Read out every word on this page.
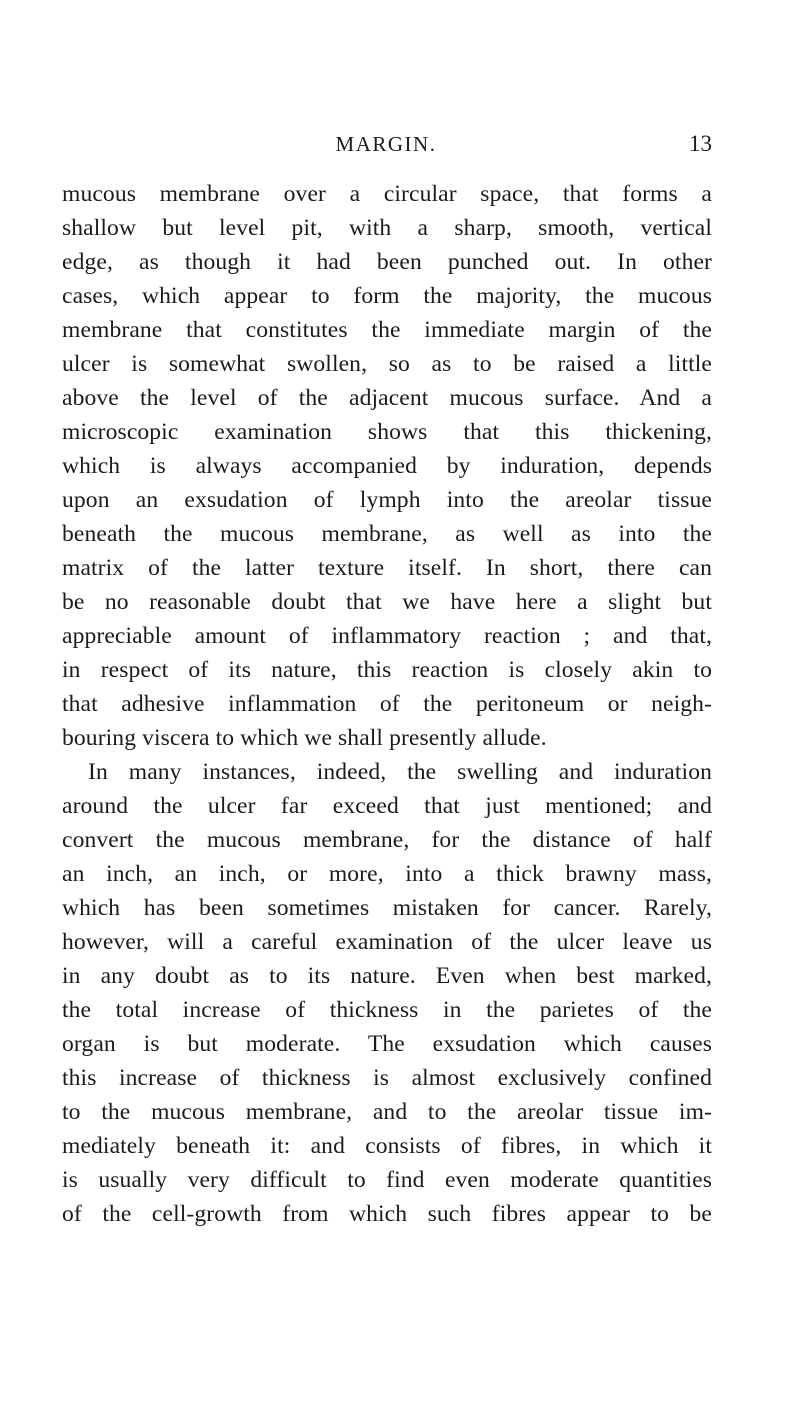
MARGIN.	13
mucous membrane over a circular space, that forms a
shallow but level pit, with a sharp, smooth, vertical
edge, as though it had been punched out. In other
cases, which appear to form the majority, the mucous
membrane that constitutes the immediate margin of the
ulcer is somewhat swollen, so as to be raised a little
above the level of the adjacent mucous surface. And a
microscopic examination shows that this thickening,
which is always accompanied by induration, depends
upon an exsudation of lymph into the areolar tissue
beneath the mucous membrane, as well as into the
matrix of the latter texture itself. In short, there can
be no reasonable doubt that we have here a slight but
appreciable amount of inflammatory reaction ; and that,
in respect of its nature, this reaction is closely akin to
that adhesive inflammation of the peritoneum or neigh-
bouring viscera to which we shall presently allude.
In many instances, indeed, the swelling and induration
around the ulcer far exceed that just mentioned; and
convert the mucous membrane, for the distance of half
an inch, an inch, or more, into a thick brawny mass,
which has been sometimes mistaken for cancer. Rarely,
however, will a careful examination of the ulcer leave us
in any doubt as to its nature. Even when best marked,
the total increase of thickness in the parietes of the
organ is but moderate. The exsudation which causes
this increase of thickness is almost exclusively confined
to the mucous membrane, and to the areolar tissue im-
mediately beneath it: and consists of fibres, in which it
is usually very difficult to find even moderate quantities
of the cell-growth from which such fibres appear to be
